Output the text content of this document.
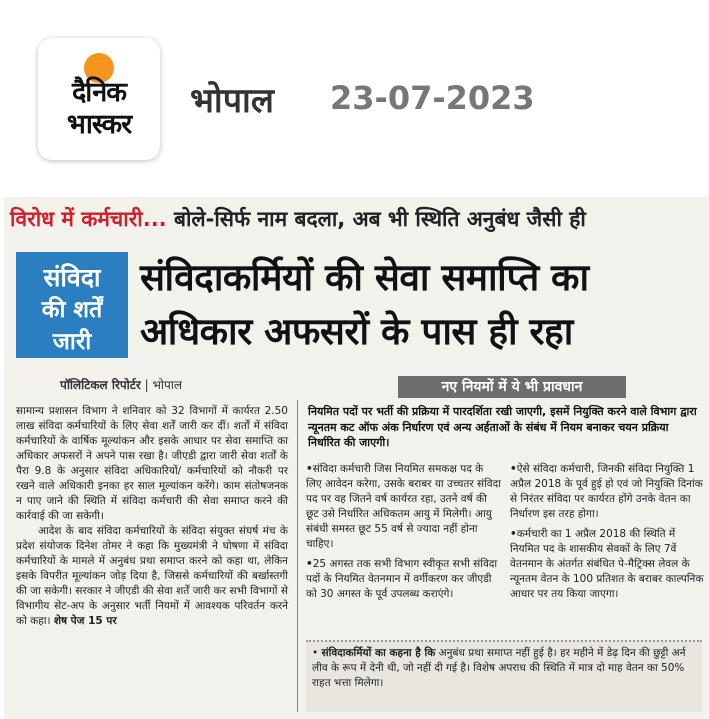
दैनिक
भास्कर
भोपाल 23-07-2023
विरोध में कर्मचारी... बोले-सिर्फ नाम बदला, अब भी स्थिति अनुबंध जैसी ही
संविदा
की शर्तें
जारी
संविदाकर्मियों की सेवा समाप्ति का
अधिकार अफसरों के पास ही रहा
पॉलिटिकल रिपोर्टर | भोपाल	नए नियमों में ये भी प्रावधान

सामान्य प्रशासन विभाग ने शनिवार को 32 विभागों में कार्यरत 2.50 लाख संविदा कर्मचारियों के लिए सेवा शर्तें जारी कर दीं। शर्तों में संविदा कर्मचारियों के वार्षिक मूल्यांकन और इसके आधार पर सेवा समाप्ति का अधिकार अफसरों ने अपने पास रखा है। जीएडी द्वारा जारी सेवा शर्तों के पैरा 9.8 के अनुसार संविदा अधिकारियों/ कर्मचारियों को नौकरी पर रखने वाले अधिकारी इनका हर साल मूल्यांकन करेंगे। काम संतोषजनक न पाए जाने की स्थिति में संविदा कर्मचारी की सेवा समाप्त करने की कार्रवाई की जा सकेगी।

आदेश के बाद संविदा कर्मचारियों के संविदा संयुक्त संघर्ष मंच के प्रदेश संयोजक दिनेश तोमर ने कहा कि मुख्यमंत्री ने घोषणा में संविदा कर्मचारियों के मामले में अनुबंध प्रथा समाप्त करने को कहा था, लेकिन इसके विपरीत मूल्यांकन जोड़ दिया है, जिससे कर्मचारियों की बर्खास्तगी की जा सकेगी। सरकार ने जीएडी की सेवा शर्तें जारी कर सभी विभागों से विभागीय सेट-अप के अनुसार भर्ती नियमों में आवश्यक परिवर्तन करने को कहा। शेष पेज 15 पर

नियमित पदों पर भर्ती की प्रक्रिया में पारदर्शिता रखी जाएगी, इसमें नियुक्ति करने वाले विभाग द्वारा न्यूनतम कट ऑफ अंक निर्धारण एवं अन्य अर्हताओं के संबंध में नियम बनाकर चयन प्रक्रिया निर्धारित की जाएगी।

• संविदा कर्मचारी जिस नियमित समकक्ष पद के लिए आवेदन करेगा, उसके बराबर या उच्चतर संविदा पद पर वह जितने वर्ष कार्यरत रहा, उतने वर्ष की छूट उसे निर्धारित अधिकतम आयु में मिलेगी। आयु संबंधी समस्त छूट 55 वर्ष से ज्यादा नहीं होना चाहिए।

• 25 अगस्त तक सभी विभाग स्वीकृत सभी संविदा पदों के नियमित वेतनमान में वर्गीकरण कर जीएडी को 30 अगस्त के पूर्व उपलब्ध कराएंगे।

• ऐसे संविदा कर्मचारी, जिनकी संविदा नियुक्ति 1 अप्रैल 2018 के पूर्व हुई हो एवं जो नियुक्ति दिनांक से निरंतर संविदा पर कार्यरत होंगे उनके वेतन का निर्धारण इस तरह होगा।

• कर्मचारी का 1 अप्रैल 2018 की स्थिति में नियमित पद के शासकीय सेवकों के लिए 7वें वेतनमान के अंतर्गत संबंधित पे-मैट्रिक्स लेवल के न्यूनतम वेतन के 100 प्रतिशत के बराबर काल्पनिक आधार पर तय किया जाएगा।

• संविदाकर्मियों का कहना है कि अनुबंध प्रथा समाप्त नहीं हुई है। हर महीने में डेढ़ दिन की छुट्टी अर्न लीव के रूप में देनी थी, जो नहीं दी गई है। विशेष अपराध की स्थिति में मात्र दो माह वेतन का 50% राहत भत्ता मिलेगा।
